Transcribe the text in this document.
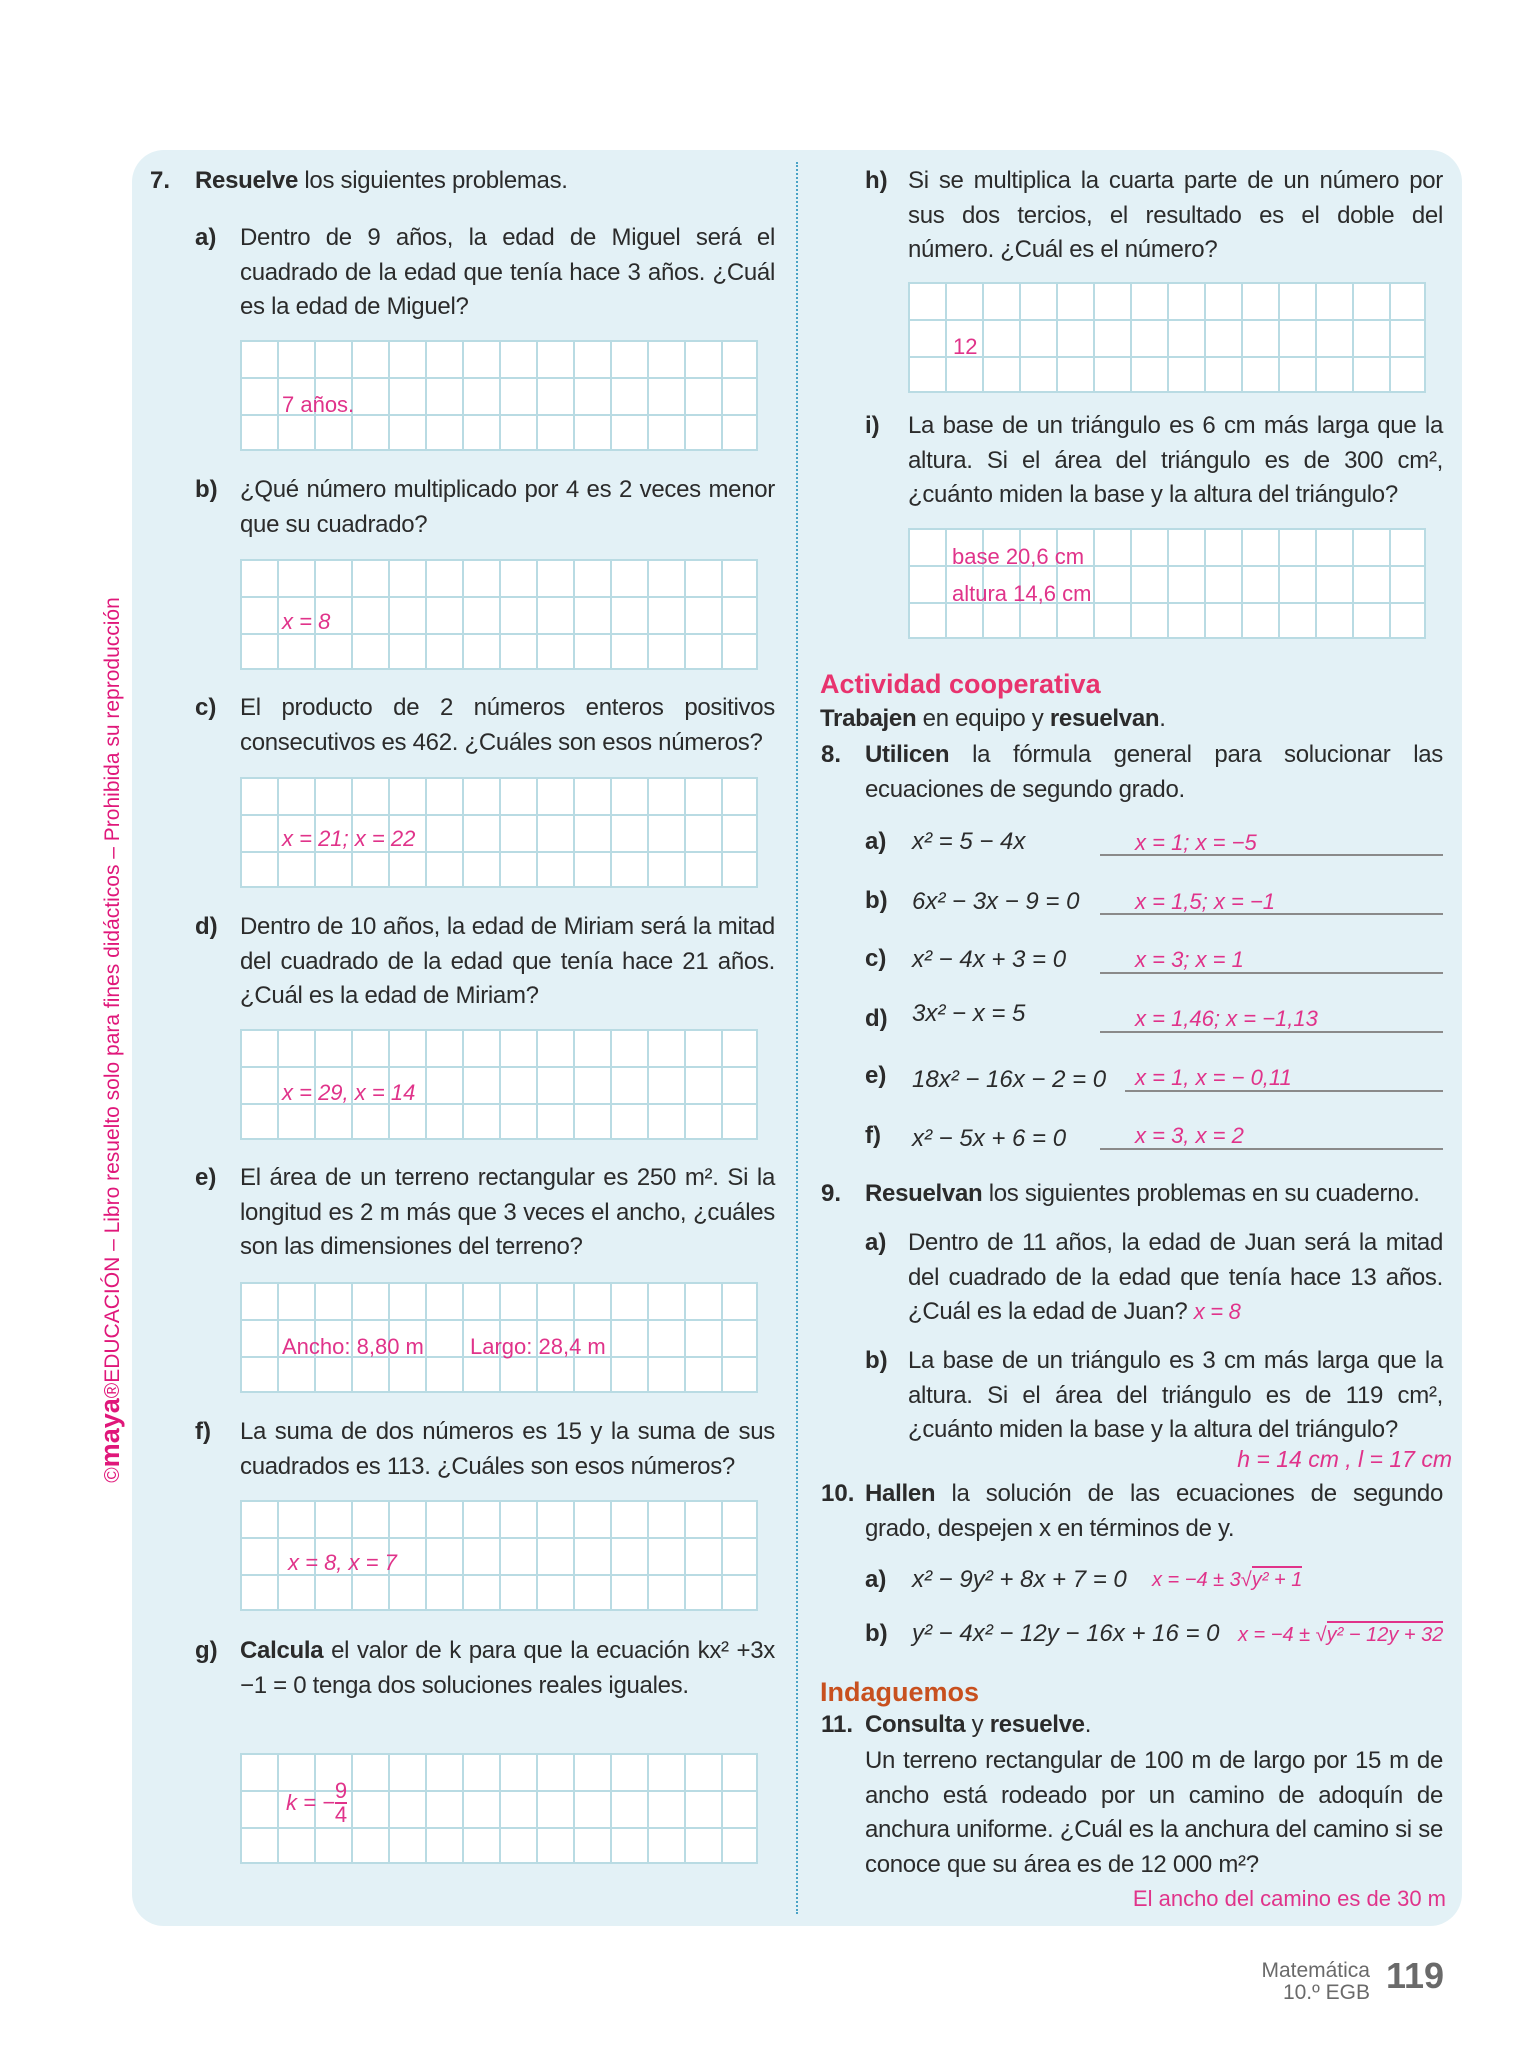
©maya®EDUCACIÓN – Libro resuelto solo para fines didácticos – Prohibida su reproducción
7. Resuelve los siguientes problemas.
a) Dentro de 9 años, la edad de Miguel será el cuadrado de la edad que tenía hace 3 años. ¿Cuál es la edad de Miguel?
7 años.
b) ¿Qué número multiplicado por 4 es 2 veces menor que su cuadrado?
x = 8
c) El producto de 2 números enteros positivos consecutivos es 462. ¿Cuáles son esos números?
x = 21; x = 22
d) Dentro de 10 años, la edad de Miriam será la mitad del cuadrado de la edad que tenía hace 21 años. ¿Cuál es la edad de Miriam?
x = 29, x = 14
e) El área de un terreno rectangular es 250 m². Si la longitud es 2 m más que 3 veces el ancho, ¿cuáles son las dimensiones del terreno?
Ancho: 8,80 m Largo: 28,4 m
f) La suma de dos números es 15 y la suma de sus cuadrados es 113. ¿Cuáles son esos números?
x = 8, x = 7
g) Calcula el valor de k para que la ecuación kx² +3x −1 = 0 tenga dos soluciones reales iguales.
k = − $\frac{9}{4}$
h) Si se multiplica la cuarta parte de un número por sus dos tercios, el resultado es el doble del número. ¿Cuál es el número?
12
i) La base de un triángulo es 6 cm más larga que la altura. Si el área del triángulo es de 300 cm², ¿cuánto miden la base y la altura del triángulo?
base 20,6 cm
altura 14,6 cm
Actividad cooperativa
Trabajen en equipo y resuelvan.
8. Utilicen la fórmula general para solucionar las ecuaciones de segundo grado.
a) x² = 5 − 4x	x = 1; x = −5
b) 6x² − 3x − 9 = 0	x = 1,5; x = −1
c) x² − 4x + 3 = 0	x = 3; x = 1
d) 3x² − x = 5	x = 1,46; x = −1,13
e) 18x² − 16x − 2 = 0 x = 1, x = − 0,11
f) x² − 5x + 6 = 0	x = 3, x = 2
9. Resuelvan los siguientes problemas en su cuaderno.
a) Dentro de 11 años, la edad de Juan será la mitad del cuadrado de la edad que tenía hace 13 años. ¿Cuál es la edad de Juan? x = 8
b) La base de un triángulo es 3 cm más larga que la altura. Si el área del triángulo es de 119 cm², ¿cuánto miden la base y la altura del triángulo?
h = 14 cm , l = 17 cm
10. Hallen la solución de las ecuaciones de segundo grado, despejen x en términos de y.
a) x² − 9y² + 8x + 7 = 0 x = −4 ± 3√y² + 1
b) y² − 4x² − 12y − 16x + 16 = 0 x = −4 ± √y² − 12y + 32
Indaguemos
11. Consulta y resuelve.
Un terreno rectangular de 100 m de largo por 15 m de ancho está rodeado por un camino de adoquín de anchura uniforme. ¿Cuál es la anchura del camino si se conoce que su área es de 12 000 m²?
El ancho del camino es de 30 m
Matemática
10.º EGB 119
